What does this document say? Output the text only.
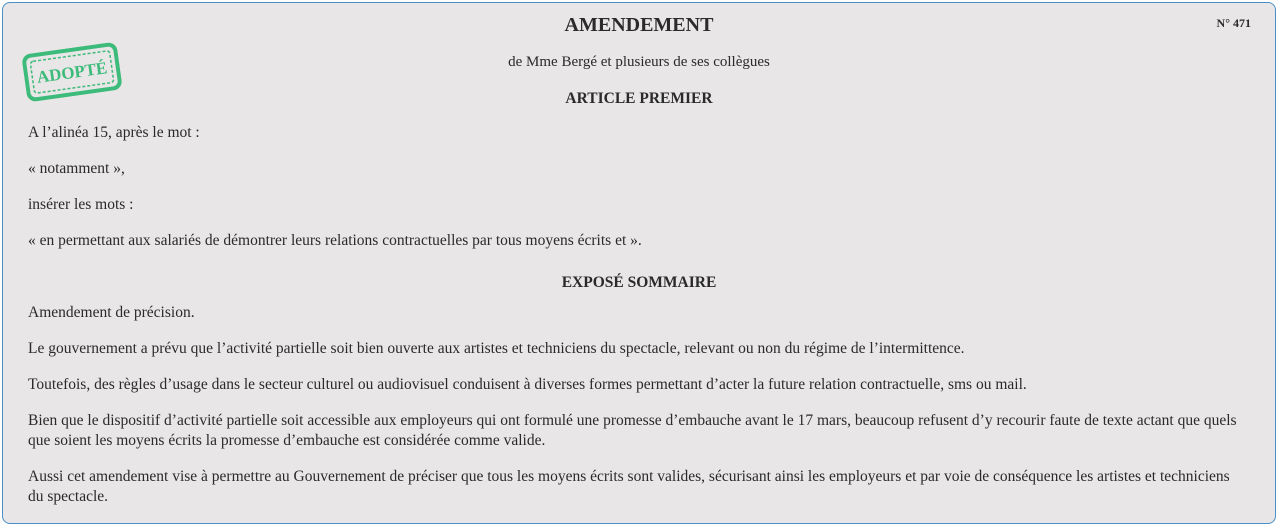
ADOPTÉ
AMENDEMENT	N° 471
de Mme Bergé et plusieurs de ses collègues
ARTICLE PREMIER
A l’alinéa 15, après le mot :
« notamment »,
insérer les mots :
« en permettant aux salariés de démontrer leurs relations contractuelles par tous moyens écrits et ».
EXPOSÉ SOMMAIRE
Amendement de précision.
Le gouvernement a prévu que l’activité partielle soit bien ouverte aux artistes et techniciens du spectacle, relevant ou non du régime de l’intermittence.
Toutefois, des règles d’usage dans le secteur culturel ou audiovisuel conduisent à diverses formes permettant d’acter la future relation contractuelle, sms ou mail.
Bien que le dispositif d’activité partielle soit accessible aux employeurs qui ont formulé une promesse d’embauche avant le 17 mars, beaucoup refusent d’y recourir faute de texte actant que quels que soient les moyens écrits la promesse d’embauche est considérée comme valide.
Aussi cet amendement vise à permettre au Gouvernement de préciser que tous les moyens écrits sont valides, sécurisant ainsi les employeurs et par voie de conséquence les artistes et techniciens du spectacle.
